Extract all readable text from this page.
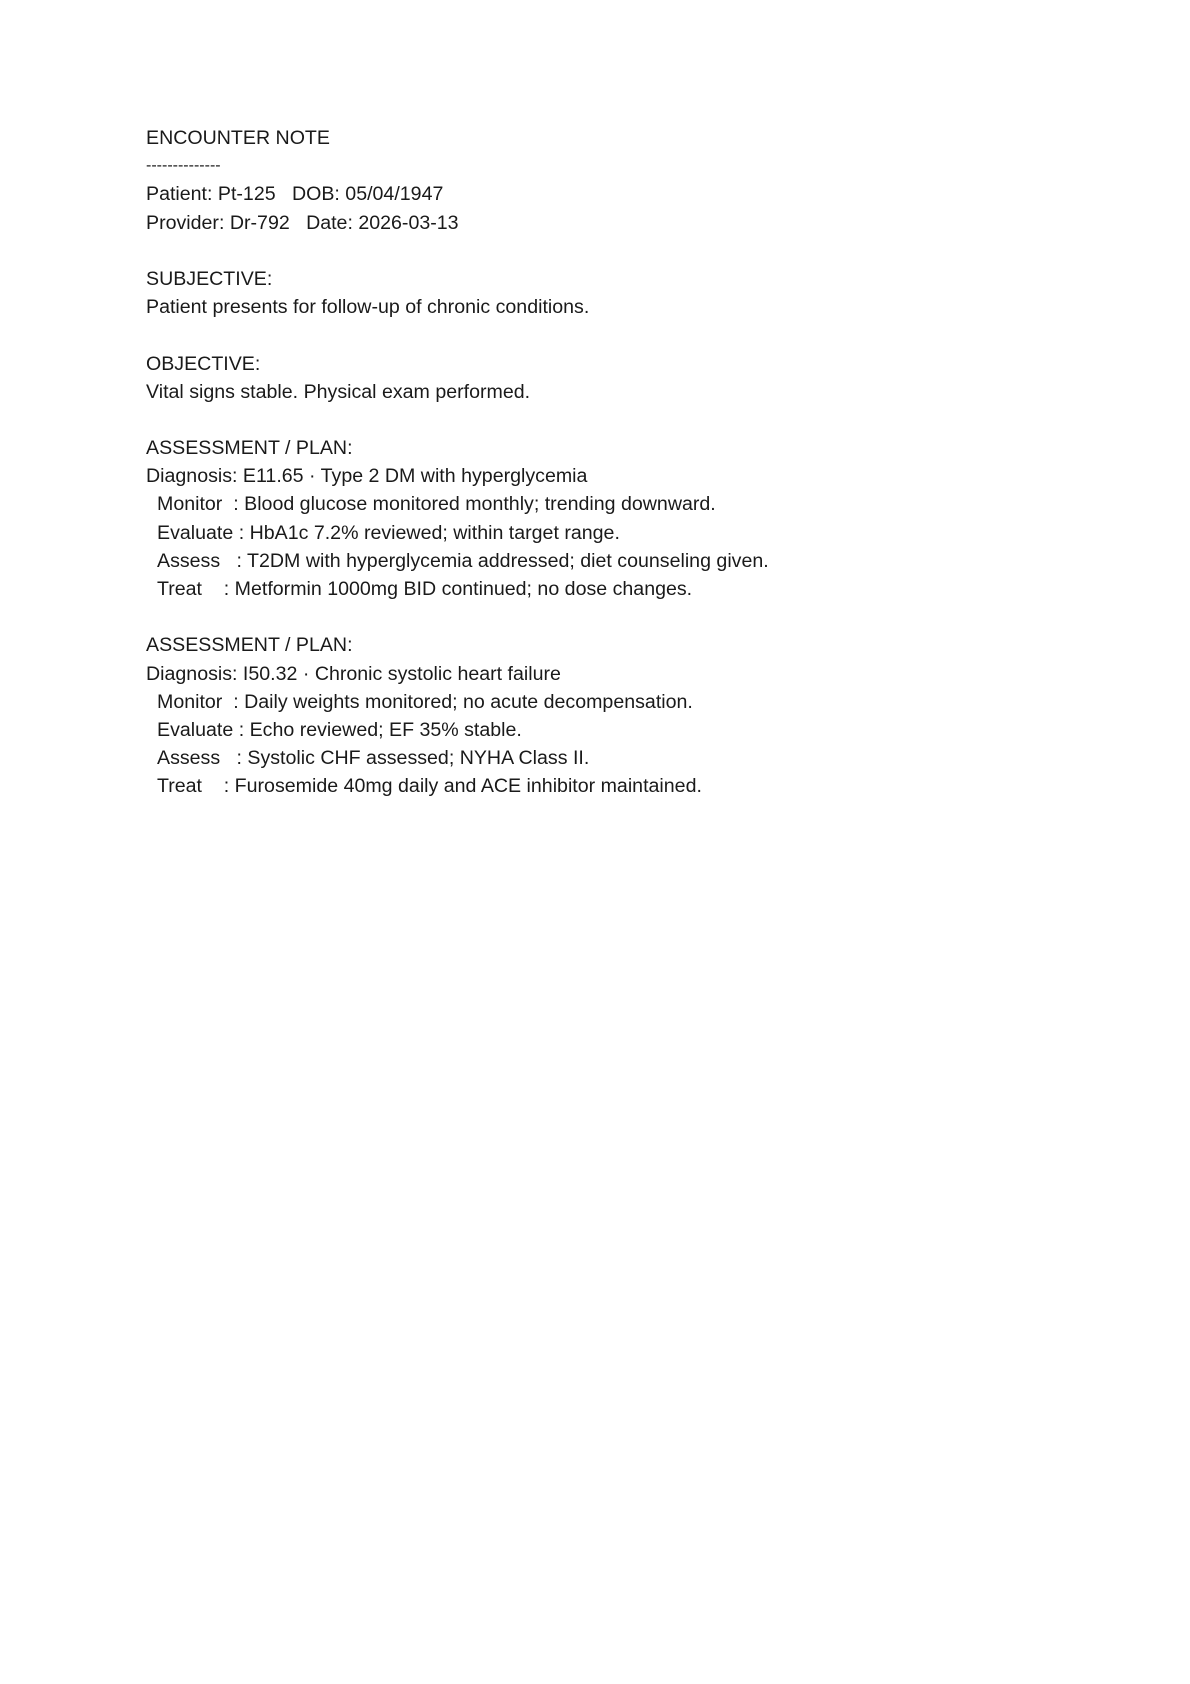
ENCOUNTER NOTE
--------------
Patient: Pt-125   DOB: 05/04/1947
Provider: Dr-792   Date: 2026-03-13
SUBJECTIVE:
Patient presents for follow-up of chronic conditions.
OBJECTIVE:
Vital signs stable. Physical exam performed.
ASSESSMENT / PLAN:
Diagnosis: E11.65 · Type 2 DM with hyperglycemia
Monitor  : Blood glucose monitored monthly; trending downward.
Evaluate : HbA1c 7.2% reviewed; within target range.
Assess   : T2DM with hyperglycemia addressed; diet counseling given.
Treat    : Metformin 1000mg BID continued; no dose changes.
ASSESSMENT / PLAN:
Diagnosis: I50.32 · Chronic systolic heart failure
Monitor  : Daily weights monitored; no acute decompensation.
Evaluate : Echo reviewed; EF 35% stable.
Assess   : Systolic CHF assessed; NYHA Class II.
Treat    : Furosemide 40mg daily and ACE inhibitor maintained.
